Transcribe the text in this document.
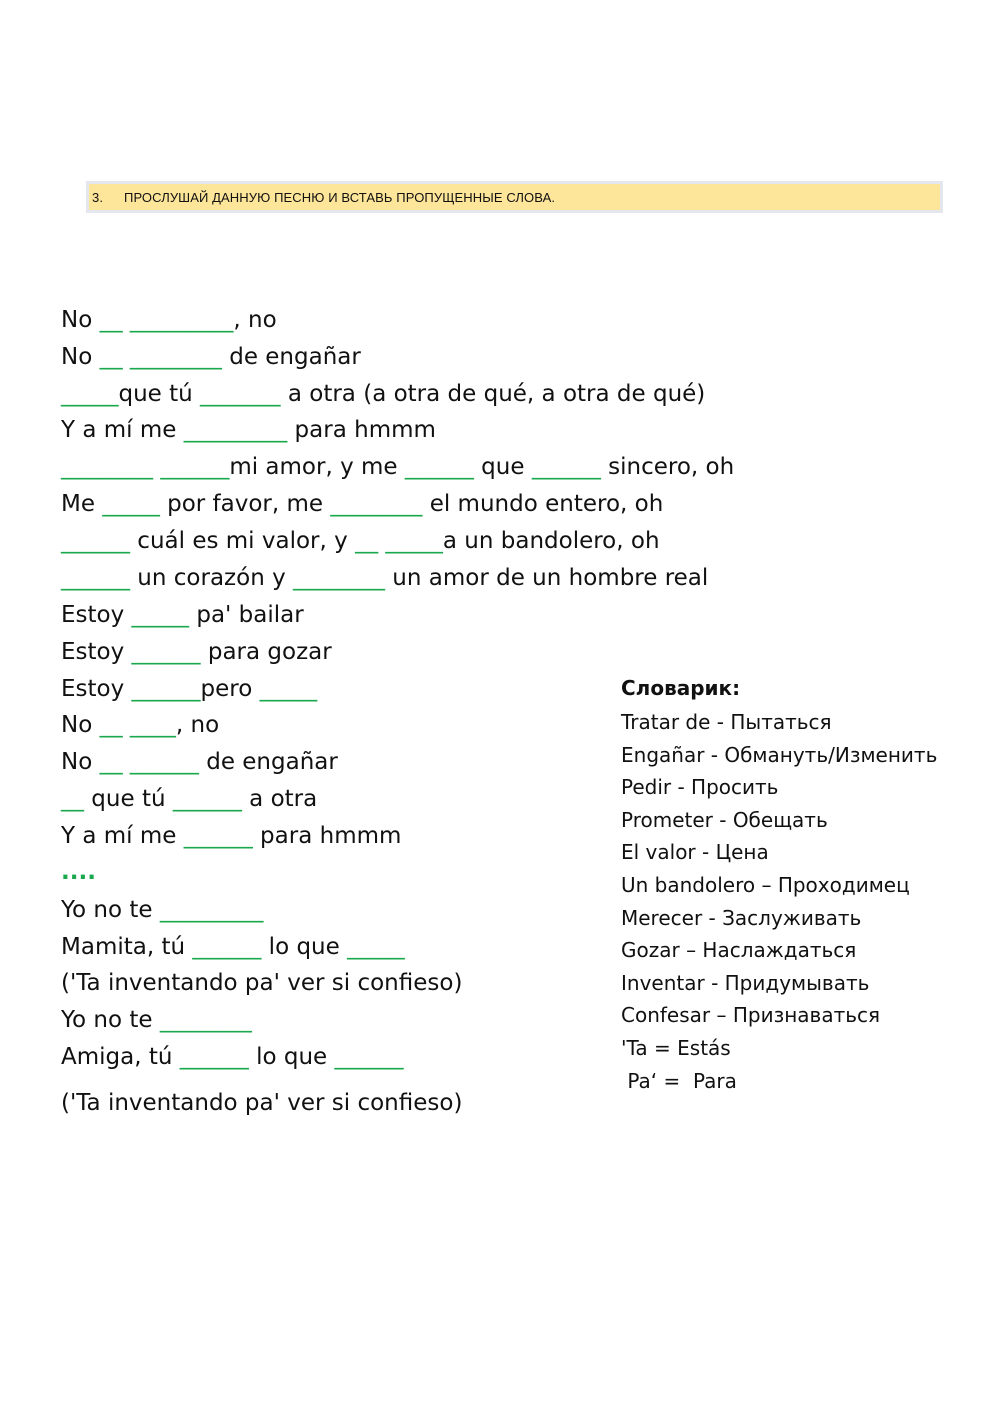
3.	ПРОСЛУШАЙ ДАННУЮ ПЕСНЮ И ВСТАВЬ ПРОПУЩЕННЫЕ СЛОВА.
No __ _________, no
No __ ________ de engañar
_____que tú _______ a otra (a otra de qué, a otra de qué)
Y a mí me _________ para hmmm
________ ______mi amor, y me ______ que ______ sincero, oh
Me _____ por favor, me ________ el mundo entero, oh
______ cuál es mi valor, y __ _____a un bandolero, oh
______ un corazón y ________ un amor de un hombre real
Estoy _____ pa' bailar
Estoy ______ para gozar
Estoy ______pero _____
No __ ____, no
No __ ______ de engañar
__ que tú ______ a otra
Y a mí me ______ para hmmm
....
Yo no te _________
Mamita, tú ______ lo que _____
('Ta inventando pa' ver si confieso)
Yo no te ________
Amiga, tú ______ lo que ______
('Ta inventando pa' ver si confieso)
Словарик:
Tratar de - Пытаться
Engañar - Обмануть/Изменить
Pedir - Просить
Prometer - Обещать
El valor - Цена
Un bandolero – Проходимец
Merecer - Заслуживать
Gozar – Наслаждаться
Inventar - Придумывать
Confesar – Признаваться
'Ta = Estás
Pa‘ =  Para
